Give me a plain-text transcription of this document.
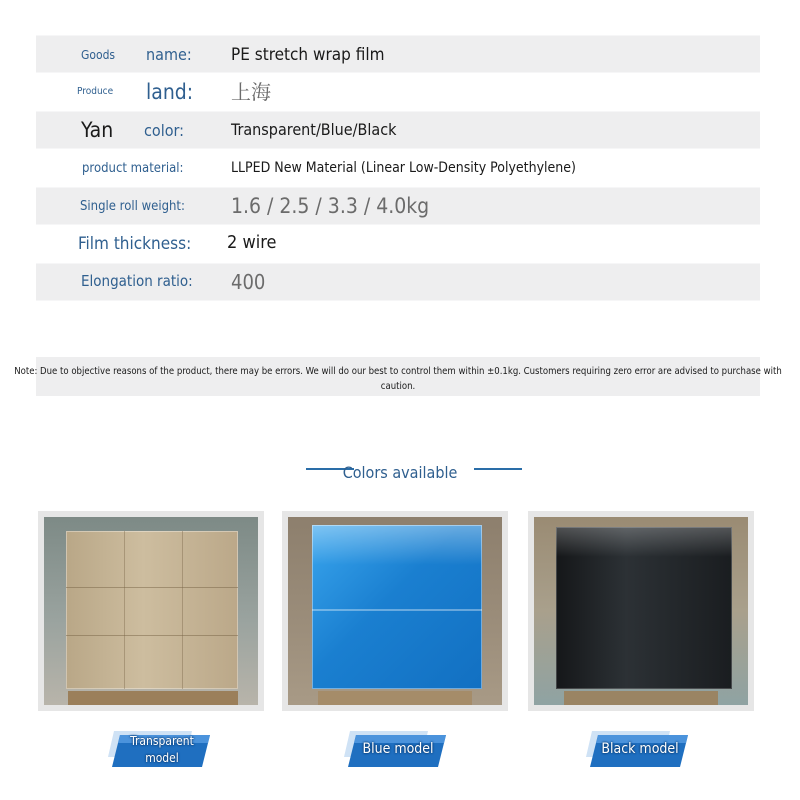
Goods name: PE stretch wrap film
Produce land: 上海
Yan color:	Transparent/Blue/Black
product material:	LLPED New Material (Linear Low-Density Polyethylene)
Single roll weight: 1.6 / 2.5 / 3.3 / 4.0kg
Film thickness: 2 wire
Elongation ratio: 400
Note: Due to objective reasons of the product, there may be errors. We will do our best to control them within ±0.1kg. Customers requiring zero error are advised to purchase with caution.
Colors available
Transparent
model
Blue model	Black model
